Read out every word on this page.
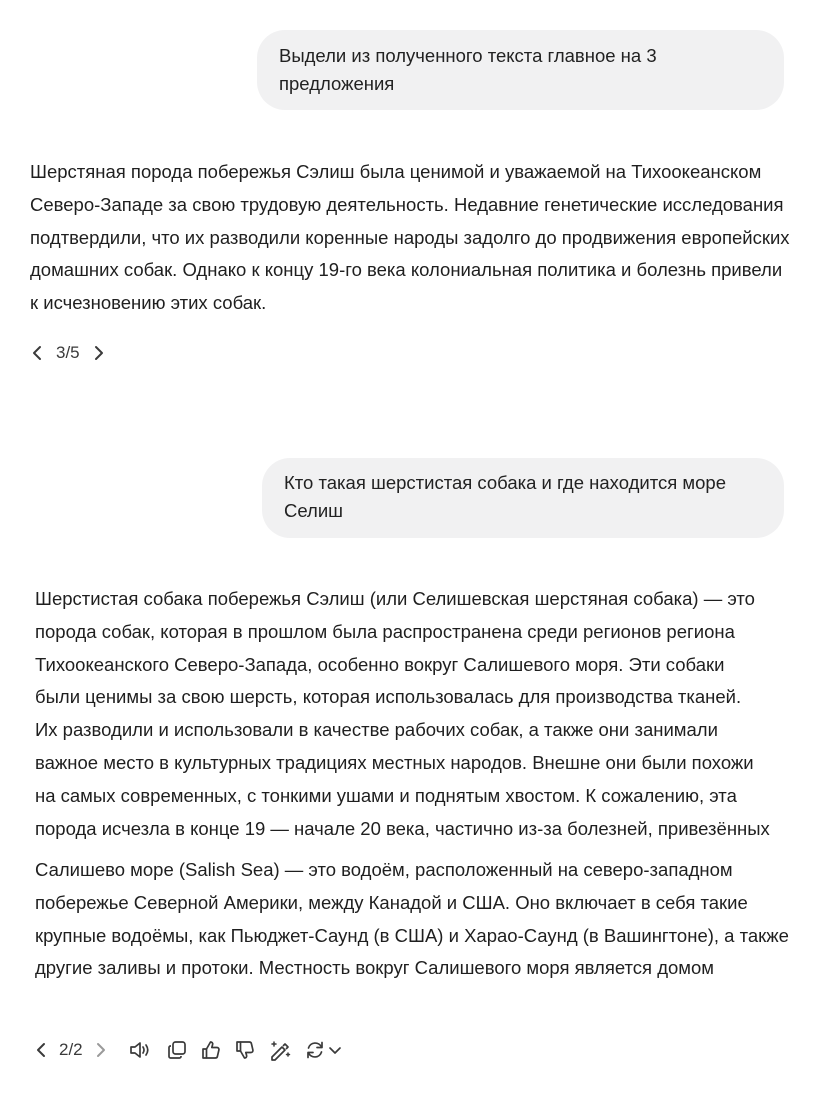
Выдели из полученного текста главное на 3 предложения

Шерстяная порода побережья Сэлиш была ценимой и уважаемой на Тихоокеанском Северо-Западе за свою трудовую деятельность. Недавние генетические исследования подтвердили, что их разводили коренные народы задолго до продвижения европейских домашних собак. Однако к концу 19-го века колониальная политика и болезнь привели к исчезновению этих собак.

3/5
Кто такая шерстистая собака и где находится море Селиш
Шерстистая собака побережья Сэлиш (или Селишевская шерстяная собака) — это
порода собак, которая в прошлом была распространена среди регионов региона
Тихоокеанского Северо-Запада, особенно вокруг Салишевого моря. Эти собаки
были ценимы за свою шерсть, которая использовалась для производства тканей.
Их разводили и использовали в качестве рабочих собак, а также они занимали
важное место в культурных традициях местных народов. Внешне они были похожи
на самых современных, с тонкими ушами и поднятым хвостом. К сожалению, эта
порода исчезла в конце 19 — начале 20 века, частично из-за болезней, привезённых

Салишево море (Salish Sea) — это водоём, расположенный на северо-западном побережье Северной Америки, между Канадой и США. Оно включает в себя такие крупные водоёмы, как Пьюджет-Саунд (в США) и Харао-Саунд (в Вашингтоне), а также другие заливы и протоки. Местность вокруг Салишевого моря является домом

2/2
